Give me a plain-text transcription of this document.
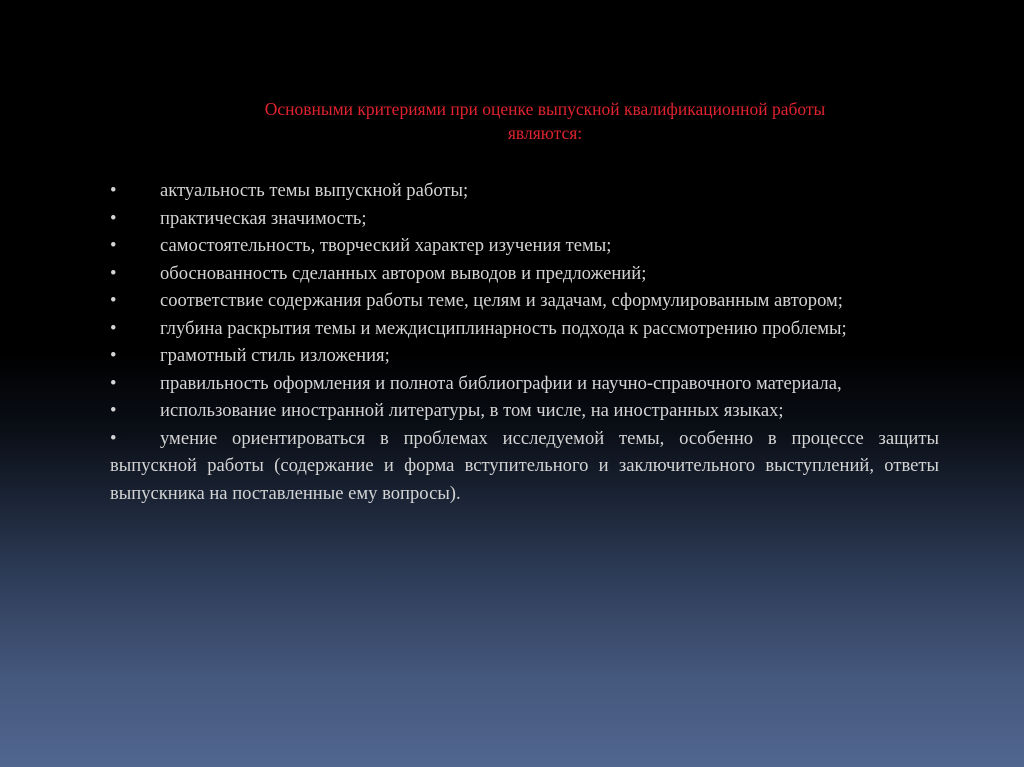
Основными критериями при оценке выпускной квалификационной работы
являются:
• актуальность темы выпускной работы;
• практическая значимость;
• самостоятельность, творческий характер изучения темы;
• обоснованность сделанных автором выводов и предложений;
• соответствие содержания работы теме, целям и задачам, сформулированным автором;
• глубина раскрытия темы и междисциплинарность подхода к рассмотрению проблемы;
• грамотный стиль изложения;
• правильность оформления и полнота библиографии и научно-справочного материала,
• использование иностранной литературы, в том числе, на иностранных языках;
• умение ориентироваться в проблемах исследуемой темы, особенно в процессе защиты выпускной работы (содержание и форма вступительного и заключительного выступлений, ответы выпускника на поставленные ему вопросы).
